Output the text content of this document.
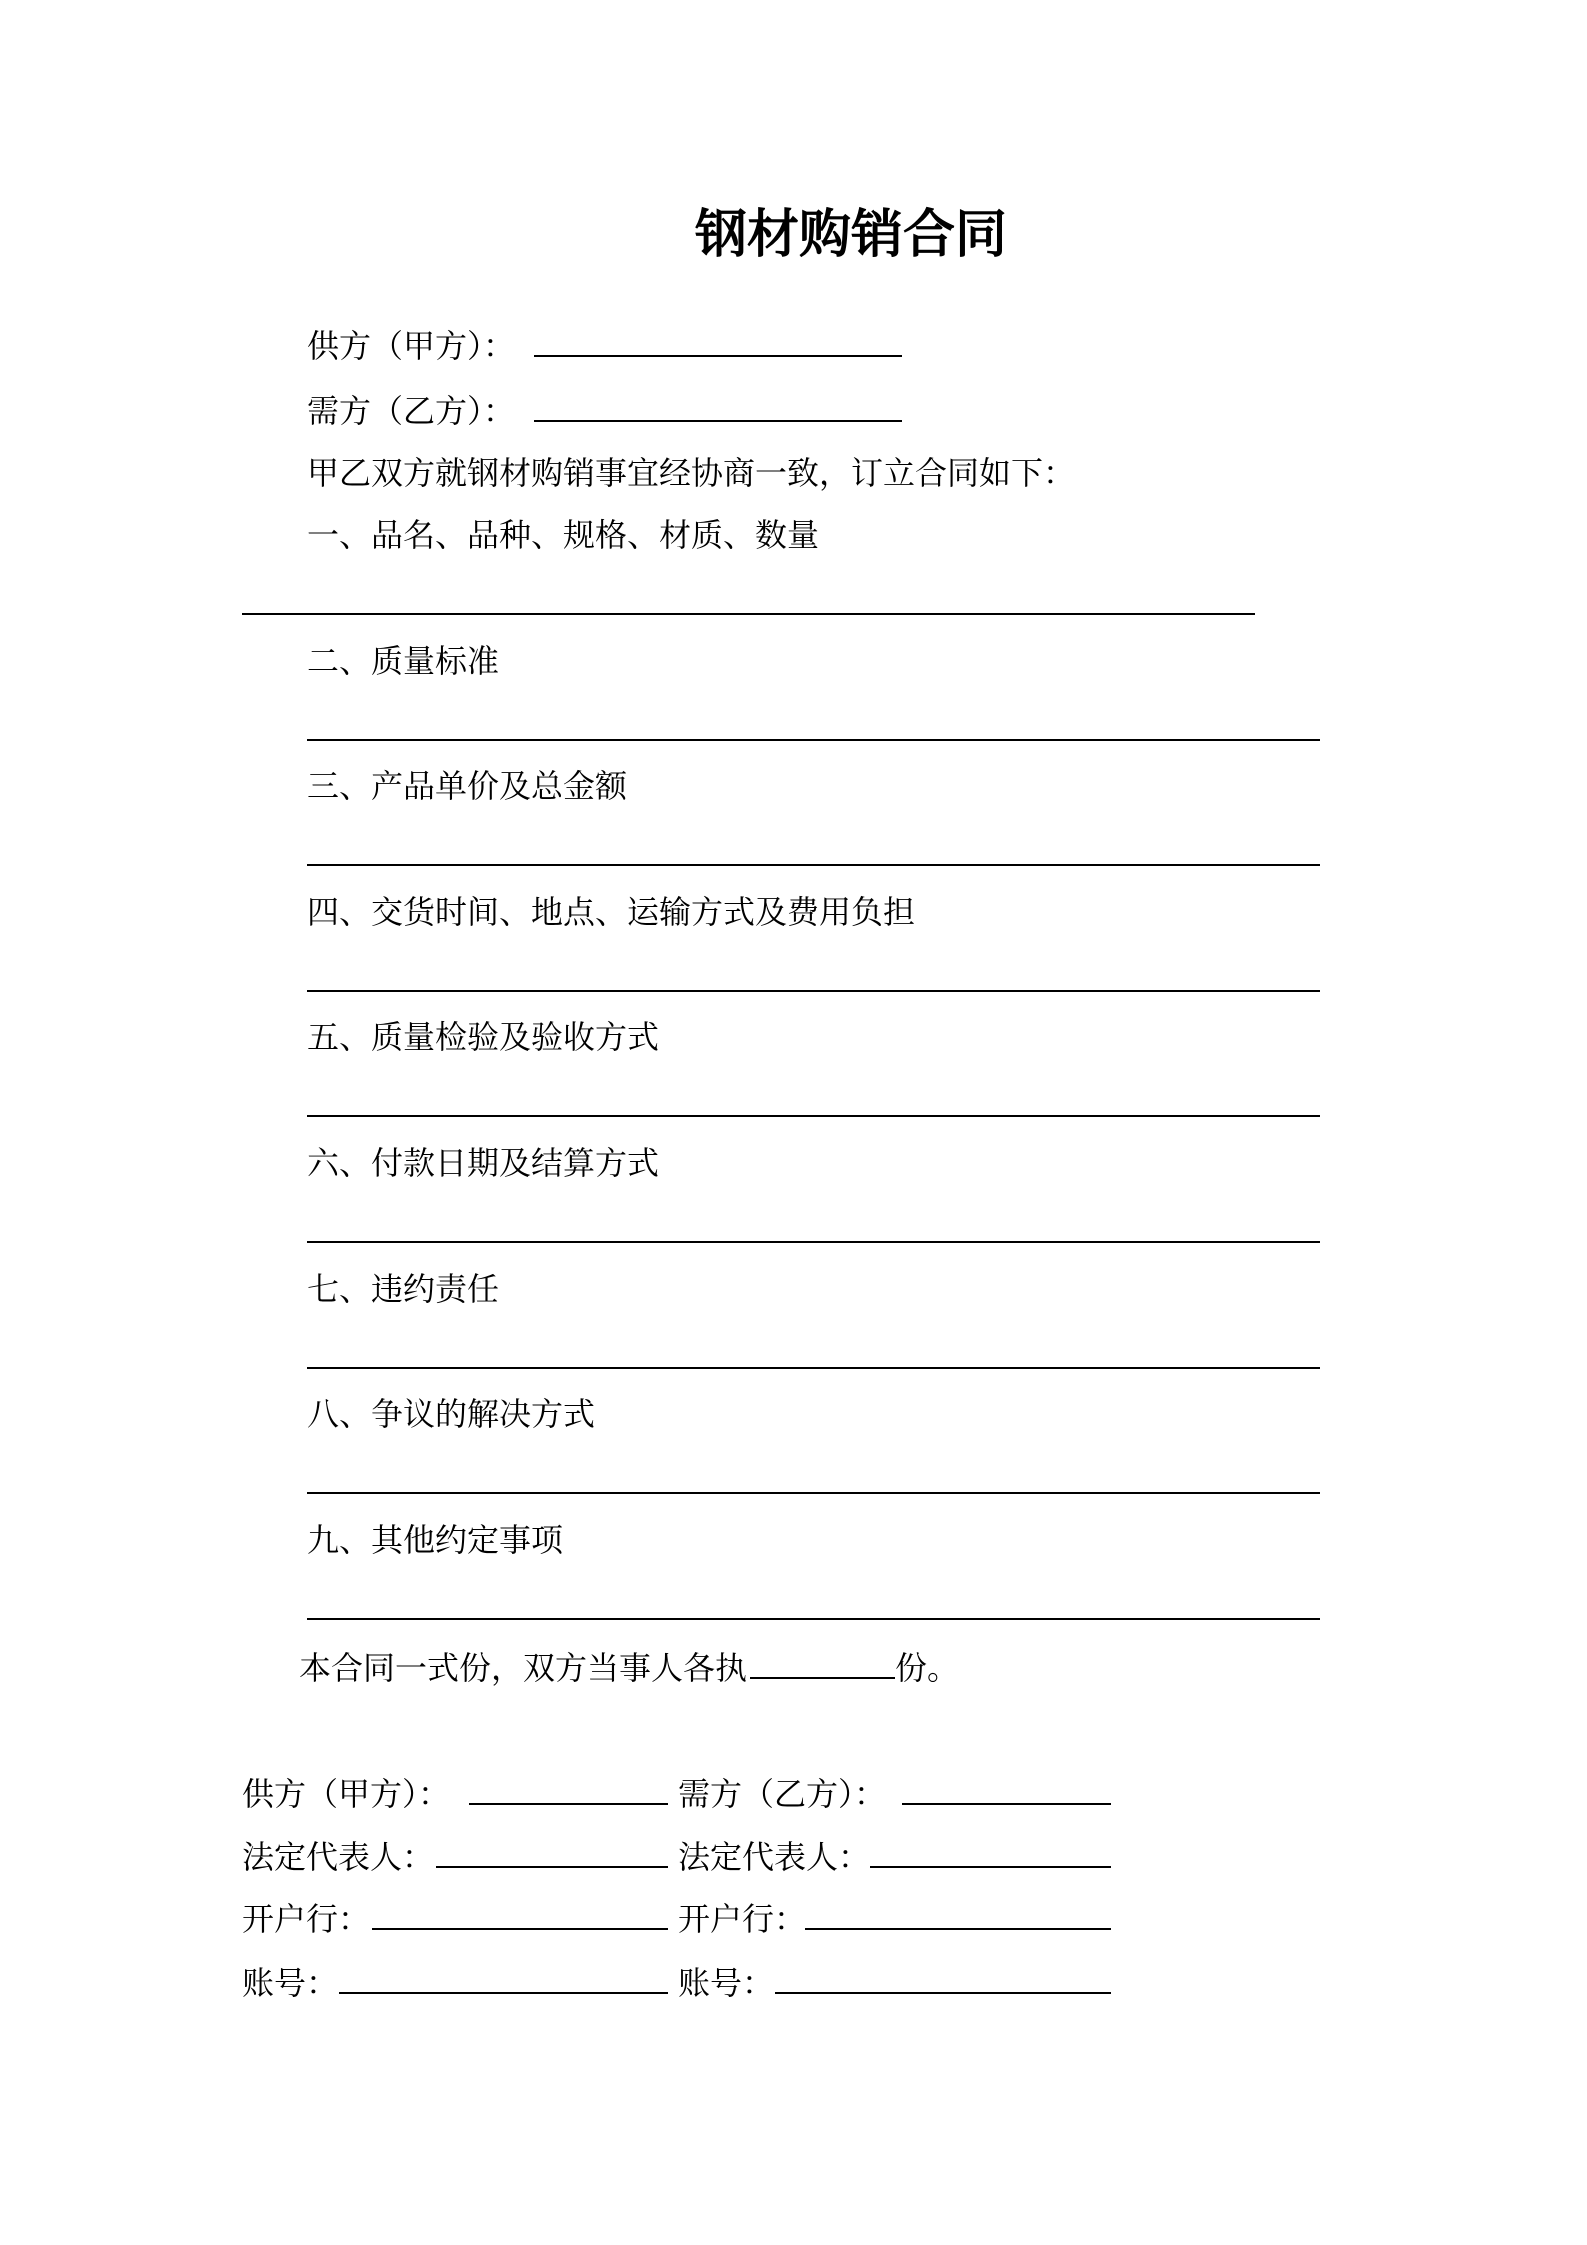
钢材购销合同
供方（甲方）：
需方（乙方）：
甲乙双方就钢材购销事宜经协商一致，订立合同如下：
一、品名、品种、规格、材质、数量
二、质量标准
三、产品单价及总金额
四、交货时间、地点、运输方式及费用负担
五、质量检验及验收方式
六、付款日期及结算方式
七、违约责任
八、争议的解决方式
九、其他约定事项
本合同一式份，双方当事人各执	份。
供方（甲方）：	需方（乙方）：
法定代表人：	法定代表人：
开户行：	开户行：
账号：	账号：
